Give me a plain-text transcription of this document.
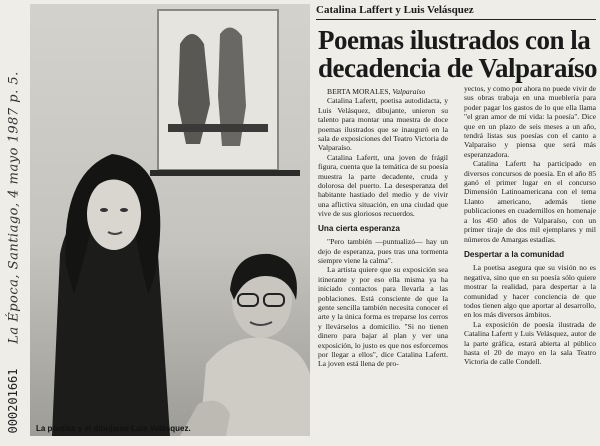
La Época, Santiago, 4 mayo 1987 p. 5.
000201661 La poetisa y el dibujante Luis Velásquez.
Catalina Laffert y Luis Velásquez
Poemas ilustrados con la decadencia de Valparaíso

BERTA MORALES, Valparaíso

Catalina Lafertt, poetisa autodidacta, y Luis Velásquez, dibujante, unieron su talento para montar una muestra de doce poemas ilustrados que se inauguró en la sala de exposiciones del Teatro Victoria de Valparaíso.

Catalina Lafertt, una joven de frágil figura, cuenta que la temática de su poesía muestra la parte decadente, cruda y dolorosa del puerto. La desesperanza del habitante hastiado del medio y de vivir una aflictiva situación, en una ciudad que vive de sus gloriosos recuerdos.

Una cierta esperanza

"Pero también —puntualizó— hay un dejo de esperanza, pues tras una tormenta siempre viene la calma".

La artista quiere que su exposición sea itinerante y por eso ella misma ya ha iniciado contactos para llevarla a las poblaciones. Está consciente de que la gente sencilla también necesita conocer el arte y la única forma es treparse los cerros y llevárselos a domicilio. "Si no tienen dinero para bajar al plan y ver una exposición, lo justo es que nos esforcemos por llegar a ellos", dice Catalina Lafertt. La joven está llena de pro-

yectos, y como por ahora no puede vivir de sus obras trabaja en una mueblería para poder pagar los gastos de lo que ella llama "el gran amor de mi vida: la poesía". Dice que en un plazo de seis meses a un año, tendrá listas sus poesías con el canto a Valparaíso y piensa que será más esperanzadora.

Catalina Lafertt ha participado en diversos concursos de poesía. En el año 85 ganó el primer lugar en el concurso Dimensión Latinoamericana con el tema Llanto americano, además tiene publicaciones en cuadernillos en homenaje a los 450 años de Valparaíso, con un primer tiraje de dos mil ejemplares y mil números de Amargas estadías.

Despertar a la comunidad

La poetisa asegura que su visión no es negativa, sino que en su poesía sólo quiere mostrar la realidad, para despertar a la comunidad y hacer conciencia de que todos tienen algo que aportar al desarrollo, en los más diversos ámbitos.

La exposición de poesía ilustrada de Catalina Lafertt y Luis Velásquez, autor de la parte gráfica, estará abierta al público hasta el 20 de mayo en la sala Teatro Victoria de calle Condell.
